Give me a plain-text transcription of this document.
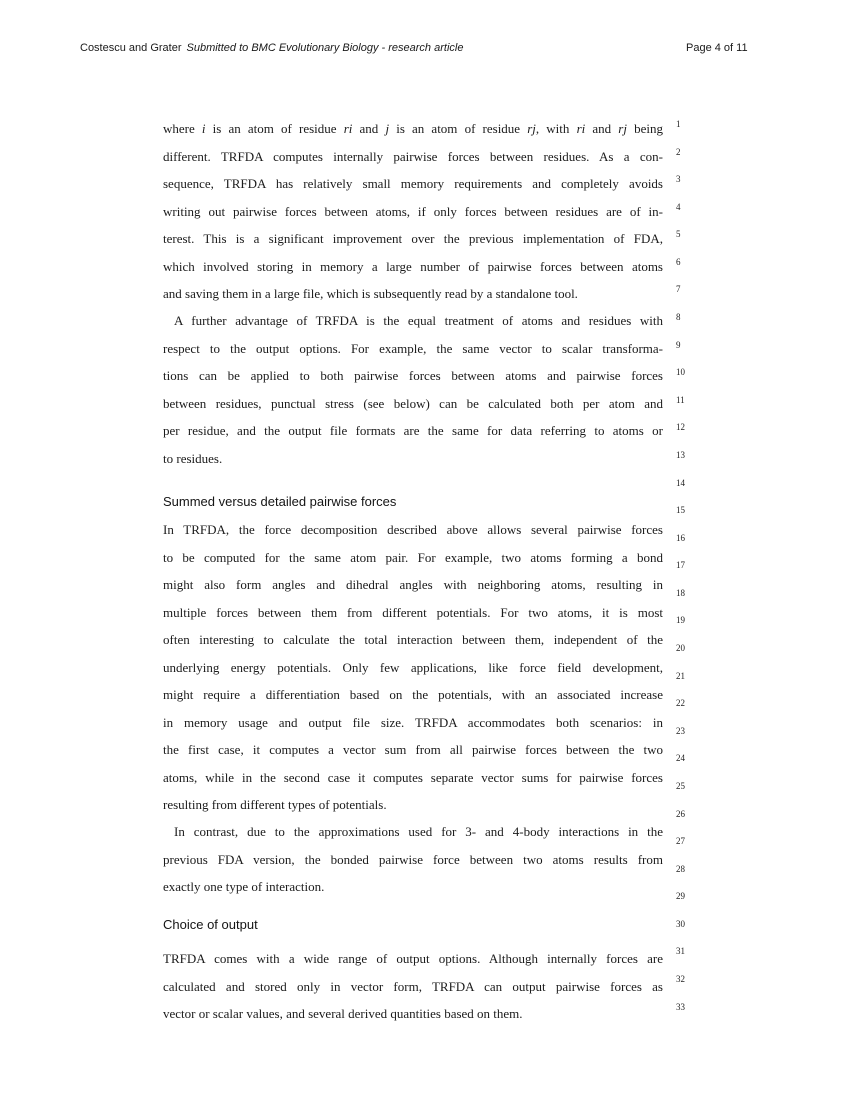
Costescu and Grater Submitted to BMC Evolutionary Biology - research article	Page 4 of 11
where i is an atom of residue ri and j is an atom of residue rj, with ri and rj being
different. TRFDA computes internally pairwise forces between residues. As a con-
sequence, TRFDA has relatively small memory requirements and completely avoids
writing out pairwise forces between atoms, if only forces between residues are of in-
terest. This is a significant improvement over the previous implementation of FDA,
which involved storing in memory a large number of pairwise forces between atoms
and saving them in a large file, which is subsequently read by a standalone tool.
A further advantage of TRFDA is the equal treatment of atoms and residues with
respect to the output options. For example, the same vector to scalar transforma-
tions can be applied to both pairwise forces between atoms and pairwise forces
between residues, punctual stress (see below) can be calculated both per atom and
per residue, and the output file formats are the same for data referring to atoms or
to residues.
Summed versus detailed pairwise forces
In TRFDA, the force decomposition described above allows several pairwise forces
to be computed for the same atom pair. For example, two atoms forming a bond
might also form angles and dihedral angles with neighboring atoms, resulting in
multiple forces between them from different potentials. For two atoms, it is most
often interesting to calculate the total interaction between them, independent of the
underlying energy potentials. Only few applications, like force field development,
might require a differentiation based on the potentials, with an associated increase
in memory usage and output file size. TRFDA accommodates both scenarios: in
the first case, it computes a vector sum from all pairwise forces between the two
atoms, while in the second case it computes separate vector sums for pairwise forces
resulting from different types of potentials.
In contrast, due to the approximations used for 3- and 4-body interactions in the
previous FDA version, the bonded pairwise force between two atoms results from
exactly one type of interaction.
Choice of output
TRFDA comes with a wide range of output options. Although internally forces are
calculated and stored only in vector form, TRFDA can output pairwise forces as
vector or scalar values, and several derived quantities based on them.
1
2
3
4
5
6
7
8
9
10
11
12
13
14
15
16
17
18
19
20
21
22
23
24
25
26
27
28
29
30
31
32
33
